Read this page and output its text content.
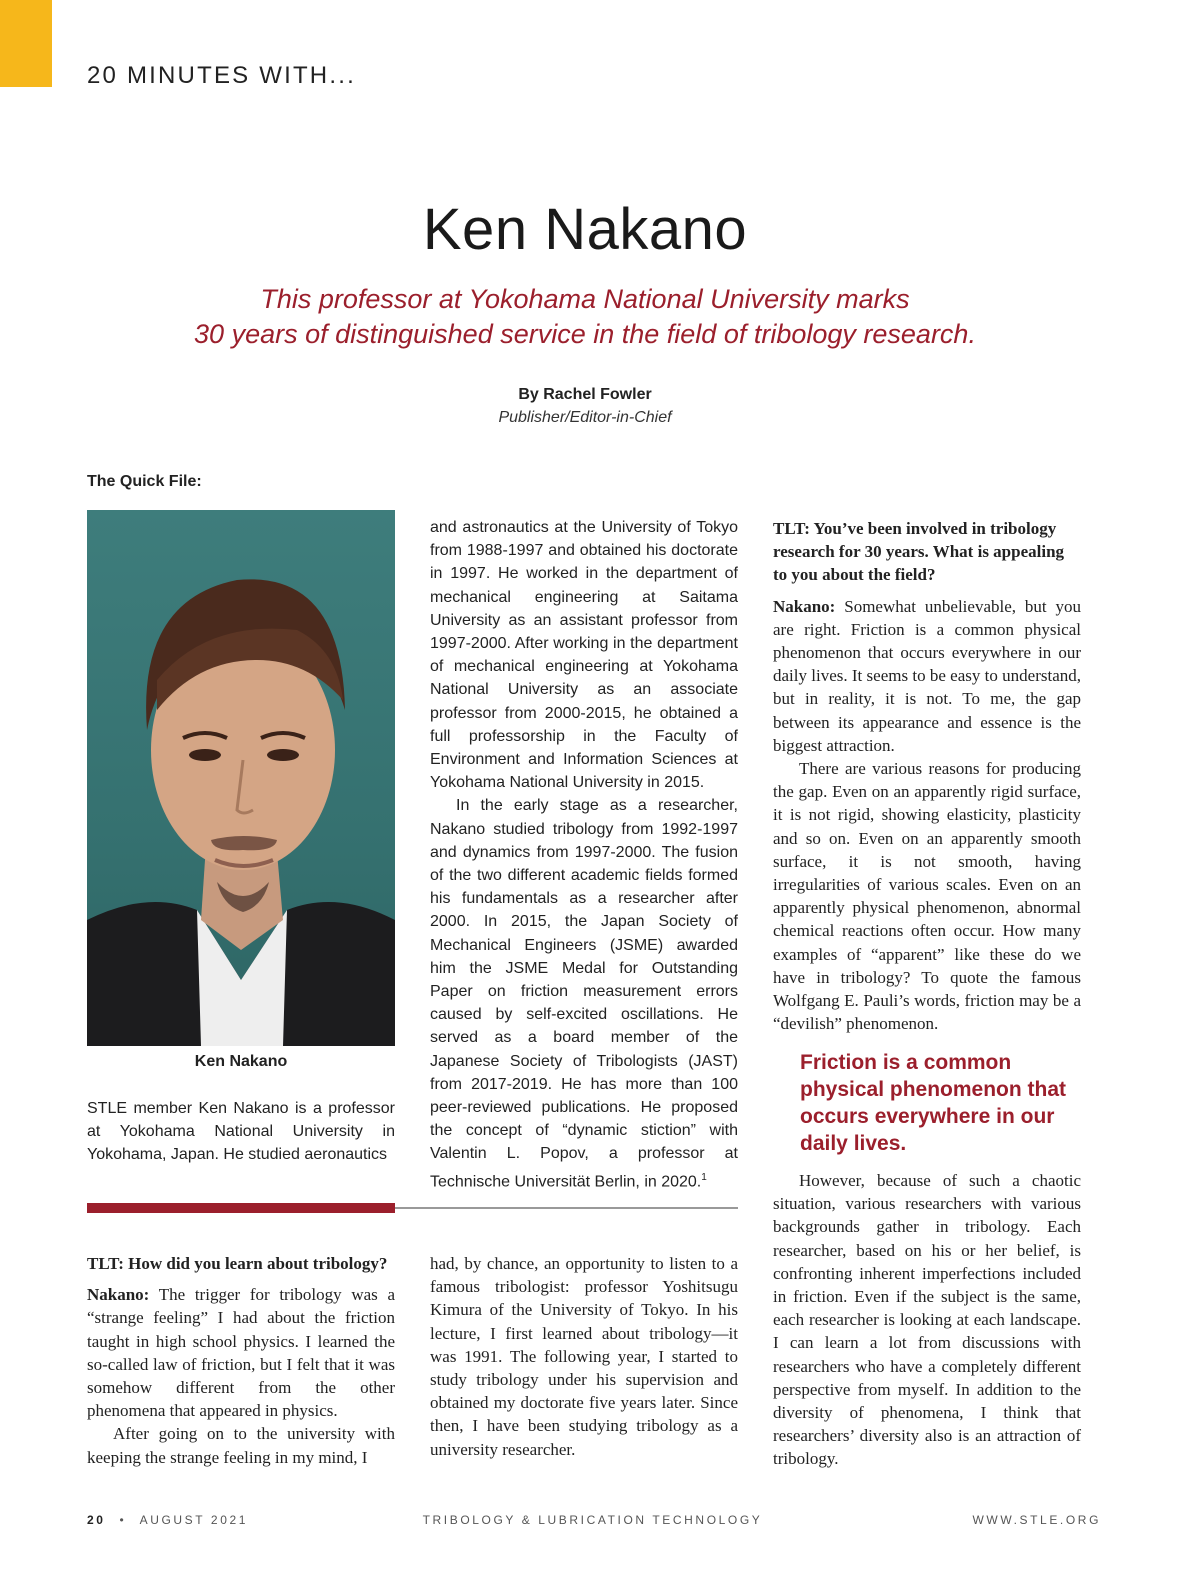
20 MINUTES WITH...
Ken Nakano
This professor at Yokohama National University marks
30 years of distinguished service in the field of tribology research.
By Rachel Fowler
Publisher/Editor-in-Chief
The Quick File:
Ken Nakano

STLE member Ken Nakano is a professor at Yokohama National University in Yokohama, Japan. He studied aeronautics

and astronautics at the University of Tokyo from 1988-1997 and obtained his doctorate in 1997. He worked in the department of mechanical engineering at Saitama University as an assistant professor from 1997-2000. After working in the department of mechanical engineering at Yokohama National University as an associate professor from 2000-2015, he obtained a full professorship in the Faculty of Environment and Information Sciences at Yokohama National University in 2015.

In the early stage as a researcher, Nakano studied tribology from 1992-1997 and dynamics from 1997-2000. The fusion of the two different academic fields formed his fundamentals as a researcher after 2000. In 2015, the Japan Society of Mechanical Engineers (JSME) awarded him the JSME Medal for Outstanding Paper on friction measurement errors caused by self-excited oscillations. He served as a board member of the Japanese Society of Tribologists (JAST) from 2017-2019. He has more than 100 peer-reviewed publications. He proposed the concept of “dynamic stiction” with Valentin L. Popov, a professor at Technische Universität Berlin, in 2020.$^1$

TLT: How did you learn about tribology?

Nakano: The trigger for tribology was a “strange feeling” I had about the friction taught in high school physics. I learned the so-called law of friction, but I felt that it was somehow different from the other phenomena that appeared in physics.

After going on to the university with keeping the strange feeling in my mind, I

had, by chance, an opportunity to listen to a famous tribologist: professor Yoshitsugu Kimura of the University of Tokyo. In his lecture, I first learned about tribology—it was 1991. The following year, I started to study tribology under his supervision and obtained my doctorate five years later. Since then, I have been studying tribology as a university researcher.

TLT: You’ve been involved in tribology research for 30 years. What is appealing to you about the field?

Nakano: Somewhat unbelievable, but you are right. Friction is a common physical phenomenon that occurs everywhere in our daily lives. It seems to be easy to understand, but in reality, it is not. To me, the gap between its appearance and essence is the biggest attraction.

There are various reasons for producing the gap. Even on an apparently rigid surface, it is not rigid, showing elasticity, plasticity and so on. Even on an apparently smooth surface, it is not smooth, having irregularities of various scales. Even on an apparently physical phenomenon, abnormal chemical reactions often occur. How many examples of “apparent” like these do we have in tribology? To quote the famous Wolfgang E. Pauli’s words, friction may be a “devilish” phenomenon.

Friction is a common physical phenomenon that occurs everywhere in our daily lives.

However, because of such a chaotic situation, various researchers with various backgrounds gather in tribology. Each researcher, based on his or her belief, is confronting inherent imperfections included in friction. Even if the subject is the same, each researcher is looking at each landscape. I can learn a lot from discussions with researchers who have a completely different perspective from myself. In addition to the diversity of phenomena, I think that researchers’ diversity also is an attraction of tribology.

20 • AUGUST 2021	TRIBOLOGY & LUBRICATION TECHNOLOGY	WWW.STLE.ORG
